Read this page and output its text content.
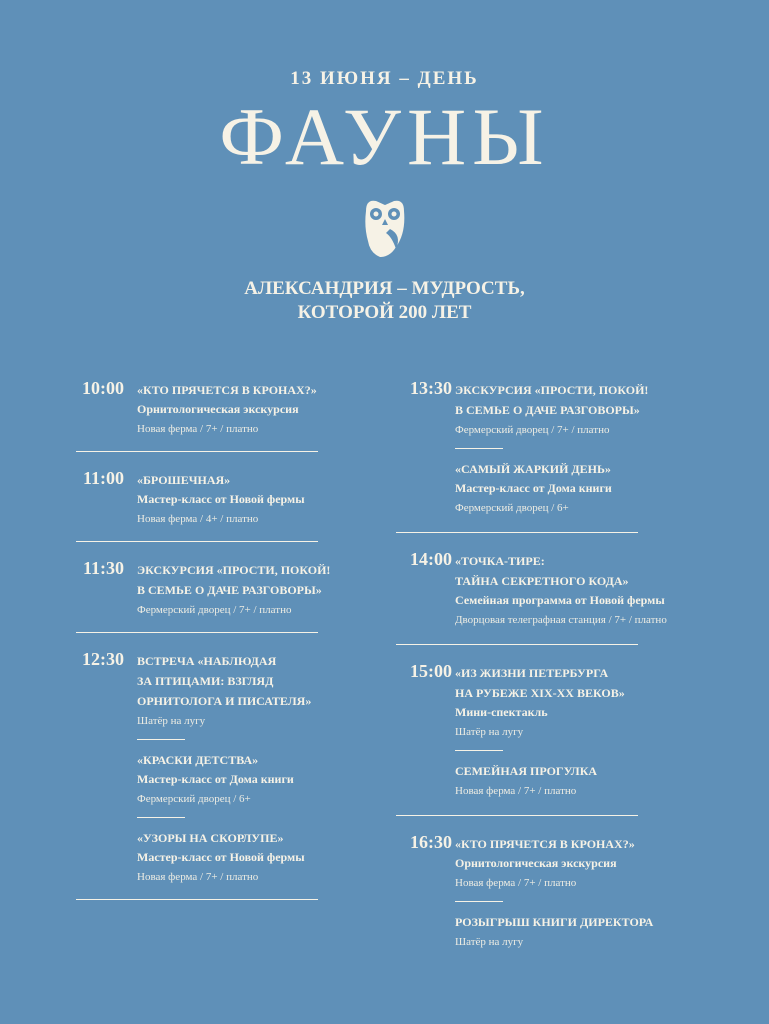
13 ИЮНЯ – ДЕНЬ
ФАУНЫ
АЛЕКСАНДРИЯ – МУДРОСТЬ,
КОТОРОЙ 200 ЛЕТ
10:00 «КТО ПРЯЧЕТСЯ В КРОНАХ?»
Орнитологическая экскурсия
Новая ферма / 7+ / платно
11:00 «БРОШЕЧНАЯ»
Мастер-класс от Новой фермы
Новая ферма / 4+ / платно
11:30 ЭКСКУРСИЯ «ПРОСТИ, ПОКОЙ!
В СЕМЬЕ О ДАЧЕ РАЗГОВОРЫ»
Фермерский дворец / 7+ / платно
12:30 ВСТРЕЧА «НАБЛЮДАЯ
ЗА ПТИЦАМИ: ВЗГЛЯД
ОРНИТОЛОГА И ПИСАТЕЛЯ»
Шатёр на лугу
«КРАСКИ ДЕТСТВА»
Мастер-класс от Дома книги
Фермерский дворец / 6+
«УЗОРЫ НА СКОРЛУПЕ»
Мастер-класс от Новой фермы
Новая ферма / 7+ / платно
13:30 ЭКСКУРСИЯ «ПРОСТИ, ПОКОЙ!
В СЕМЬЕ О ДАЧЕ РАЗГОВОРЫ»
Фермерский дворец / 7+ / платно
«САМЫЙ ЖАРКИЙ ДЕНЬ»
Мастер-класс от Дома книги
Фермерский дворец / 6+
14:00 «ТОЧКА-ТИРЕ:
ТАЙНА СЕКРЕТНОГО КОДА»
Семейная программа от Новой фермы
Дворцовая телеграфная станция / 7+ / платно
15:00 «ИЗ ЖИЗНИ ПЕТЕРБУРГА
НА РУБЕЖЕ XIX-XX ВЕКОВ»
Мини-спектакль
Шатёр на лугу
СЕМЕЙНАЯ ПРОГУЛКА
Новая ферма / 7+ / платно
16:30 «КТО ПРЯЧЕТСЯ В КРОНАХ?»
Орнитологическая экскурсия
Новая ферма / 7+ / платно
РОЗЫГРЫШ КНИГИ ДИРЕКТОРА
Шатёр на лугу
